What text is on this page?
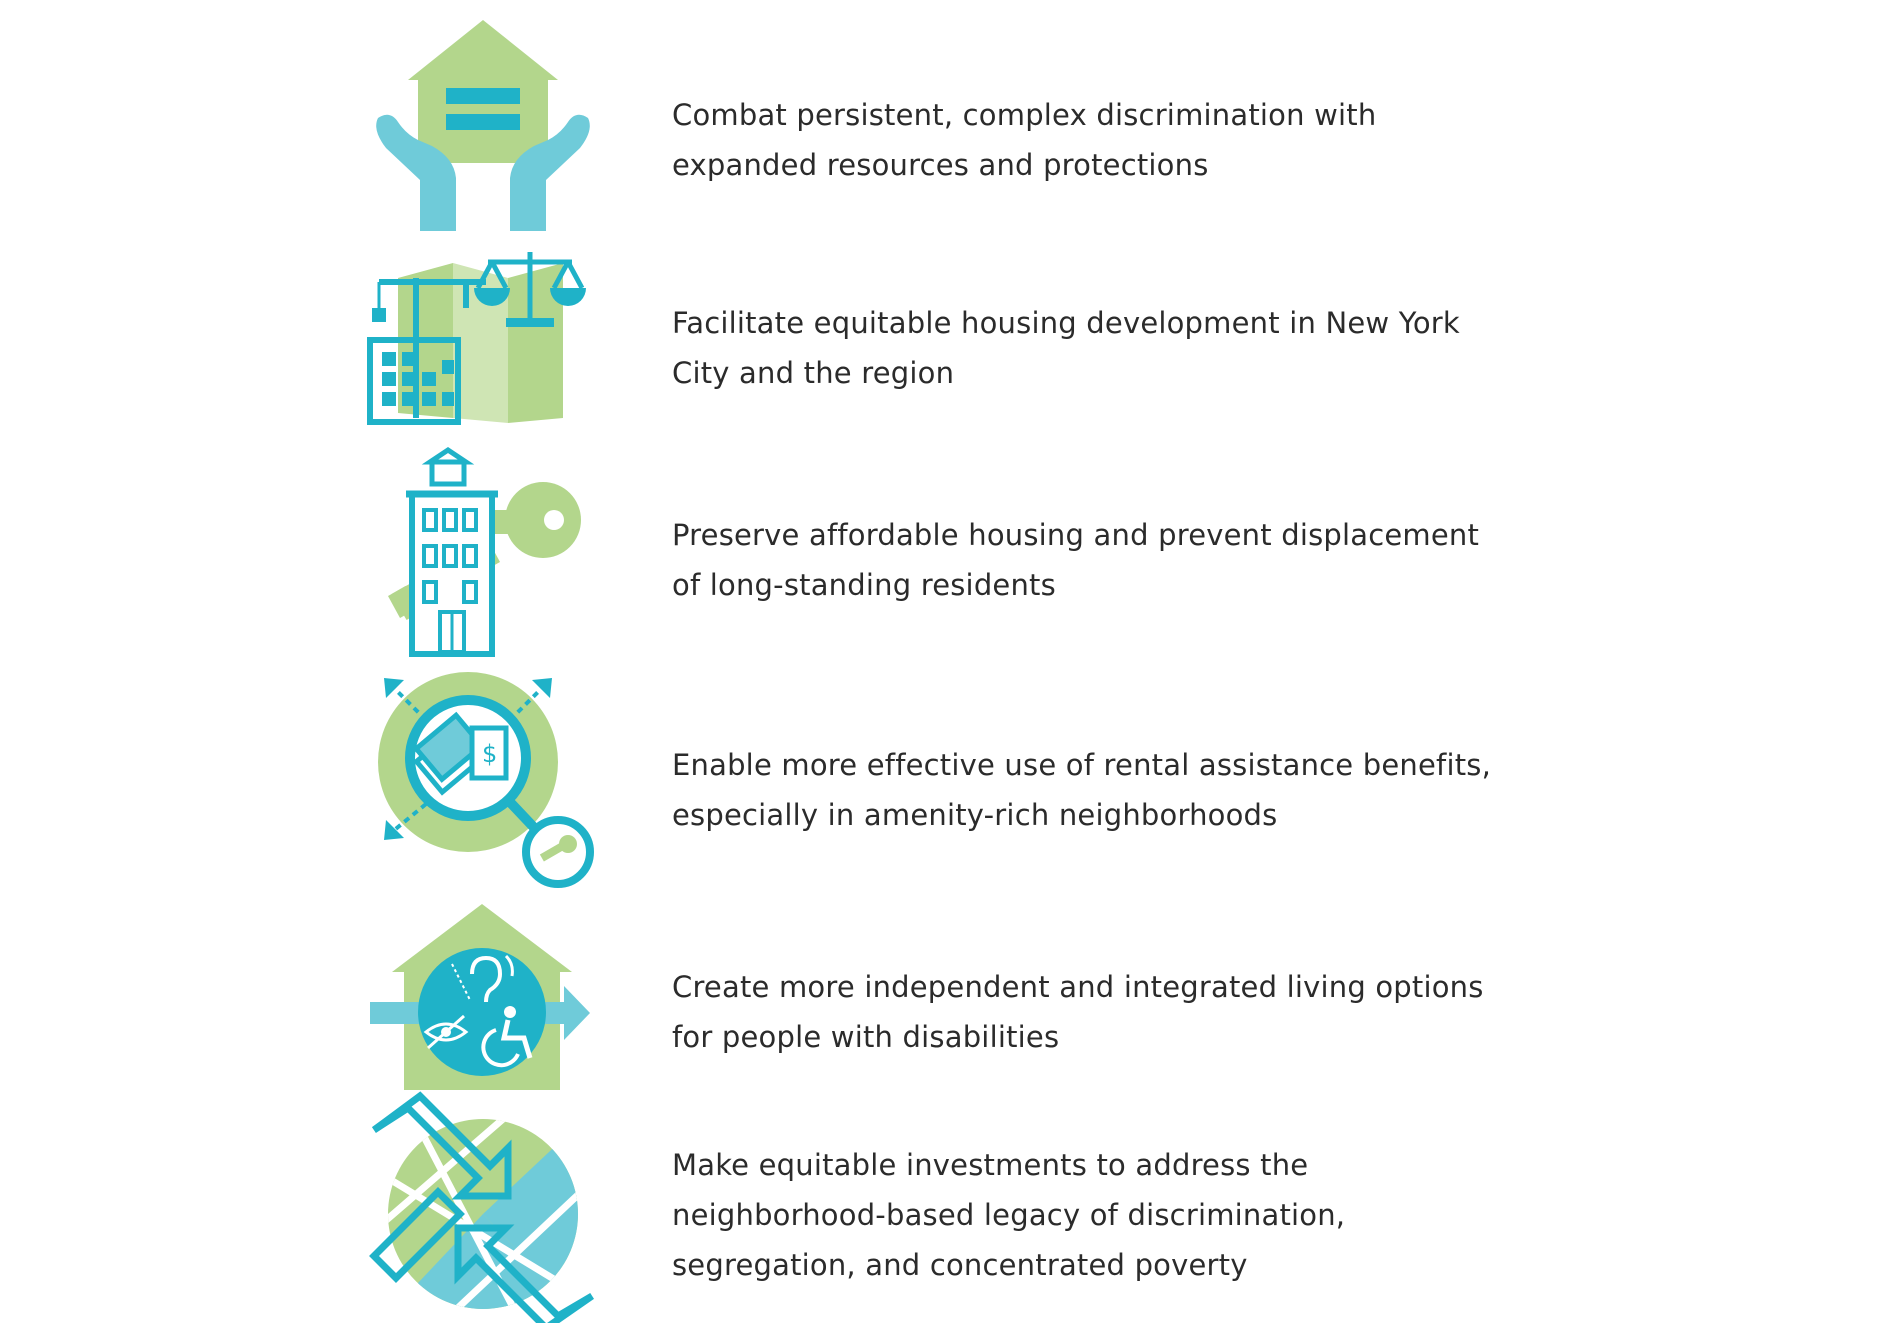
Combat persistent, complex discrimination with
expanded resources and protections

Facilitate equitable housing development in New York
City and the region

Preserve affordable housing and prevent displacement
of long-standing residents

$	Enable more effective use of rental assistance benefits,
especially in amenity-rich neighborhoods

Create more independent and integrated living options
for people with disabilities

Make equitable investments to address the
neighborhood-based legacy of discrimination,
segregation, and concentrated poverty
